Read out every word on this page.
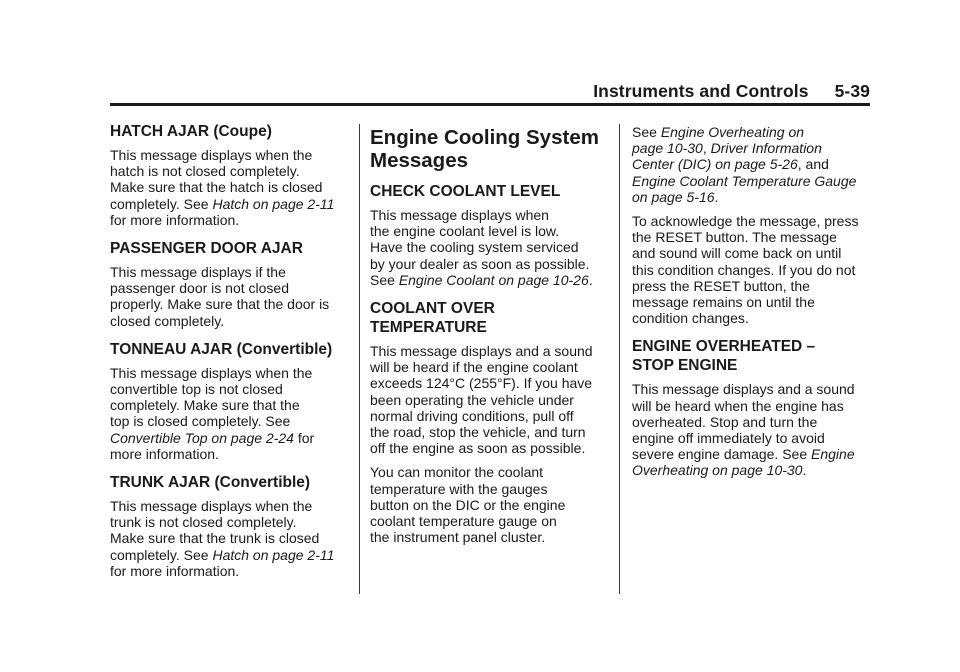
Instruments and Controls 5-39
HATCH AJAR (Coupe)

This message displays when the
hatch is not closed completely.
Make sure that the hatch is closed
completely. See Hatch on page 2-11
for more information.

PASSENGER DOOR AJAR

This message displays if the
passenger door is not closed
properly. Make sure that the door is
closed completely.

TONNEAU AJAR (Convertible)

This message displays when the
convertible top is not closed
completely. Make sure that the
top is closed completely. See
Convertible Top on page 2-24 for
more information.

TRUNK AJAR (Convertible)

This message displays when the
trunk is not closed completely.
Make sure that the trunk is closed
completely. See Hatch on page 2-11
for more information.

Engine Cooling System
Messages
CHECK COOLANT LEVEL

This message displays when
the engine coolant level is low.
Have the cooling system serviced
by your dealer as soon as possible.
See Engine Coolant on page 10-26.

COOLANT OVER
TEMPERATURE

This message displays and a sound
will be heard if the engine coolant
exceeds 124°C (255°F). If you have
been operating the vehicle under
normal driving conditions, pull off
the road, stop the vehicle, and turn
off the engine as soon as possible.

You can monitor the coolant
temperature with the gauges
button on the DIC or the engine
coolant temperature gauge on
the instrument panel cluster.

See Engine Overheating on
page 10-30, Driver Information
Center (DIC) on page 5-26, and
Engine Coolant Temperature Gauge
on page 5-16.

To acknowledge the message, press
the RESET button. The message
and sound will come back on until
this condition changes. If you do not
press the RESET button, the
message remains on until the
condition changes.

ENGINE OVERHEATED –
STOP ENGINE

This message displays and a sound
will be heard when the engine has
overheated. Stop and turn the
engine off immediately to avoid
severe engine damage. See Engine
Overheating on page 10-30.
